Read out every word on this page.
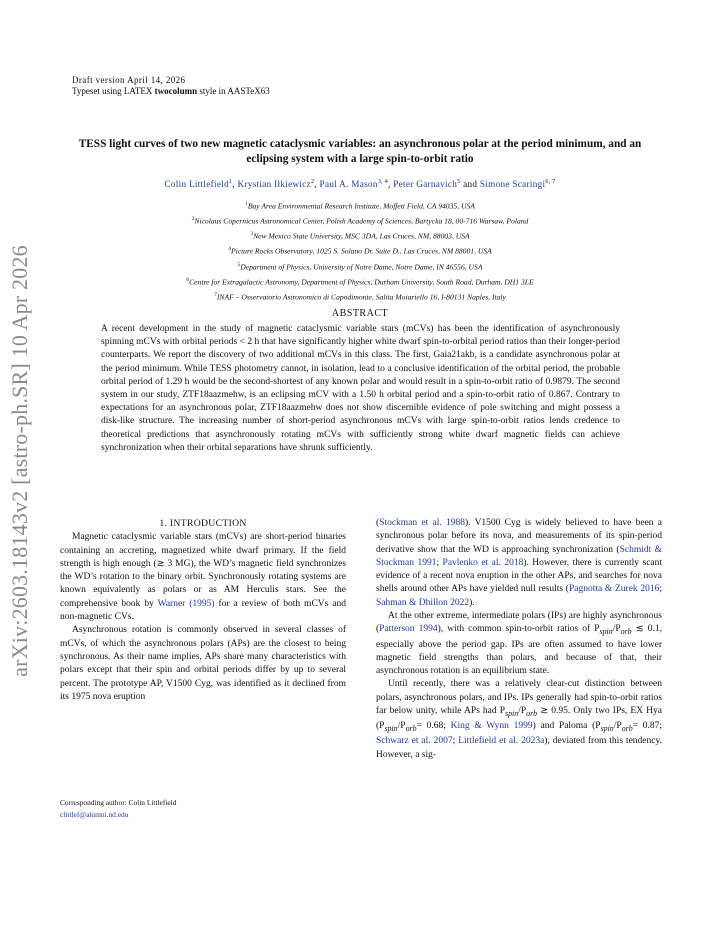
arXiv:2603.18143v2 [astro-ph.SR] 10 Apr 2026
Draft version April 14, 2026
Typeset using LATEX twocolumn style in AASTeX63
TESS light curves of two new magnetic cataclysmic variables: an asynchronous polar at the period minimum, and an eclipsing system with a large spin-to-orbit ratio
Colin Littlefield$^1$, Krystian Iłkiewicz$^2$, Paul A. Mason$^{3, 4}$, Peter Garnavich$^5$ and Simone Scaringi$^{6, 7}$
$^1$Bay Area Environmental Research Institute, Moffett Field, CA 94035, USA
$^2$Nicolaus Copernicus Astronomical Center, Polish Academy of Sciences, Bartycka 18, 00-716 Warsaw, Poland
$^3$New Mexico State University, MSC 3DA, Las Cruces, NM, 88003, USA
$^4$Picture Rocks Observatory, 1025 S. Solano Dr. Suite D., Las Cruces, NM 88001, USA
$^5$Department of Physics, University of Notre Dame, Notre Dame, IN 46556, USA
$^6$Centre for Extragalactic Astronomy, Department of Physics, Durham University, South Road, Durham, DH1 3LE
$^7$INAF – Osservatorio Astronomico di Capodimonte, Salita Moiariello 16, I-80131 Naples, Italy
ABSTRACT
A recent development in the study of magnetic cataclysmic variable stars (mCVs) has been the identification of asynchronously spinning mCVs with orbital periods < 2 h that have significantly higher white dwarf spin-to-orbital period ratios than their longer-period counterparts. We report the discovery of two additional mCVs in this class. The first, Gaia21akb, is a candidate asynchronous polar at the period minimum. While TESS photometry cannot, in isolation, lead to a conclusive identification of the orbital period, the probable orbital period of 1.29 h would be the second-shortest of any known polar and would result in a spin-to-orbit ratio of 0.9879. The second system in our study, ZTF18aazmehw, is an eclipsing mCV with a 1.50 h orbital period and a spin-to-orbit ratio of 0.867. Contrary to expectations for an asynchronous polar, ZTF18aazmehw does not show discernible evidence of pole switching and might possess a disk-like structure. The increasing number of short-period asynchronous mCVs with large spin-to-orbit ratios lends credence to theoretical predictions that asynchronously rotating mCVs with sufficiently strong white dwarf magnetic fields can achieve synchronization when their orbital separations have shrunk sufficiently.
1. INTRODUCTION

Magnetic cataclysmic variable stars (mCVs) are short-period binaries containing an accreting, magnetized white dwarf primary. If the field strength is high enough (≳ 3 MG), the WD’s magnetic field synchronizes the WD’s rotation to the binary orbit. Synchronously rotating systems are known equivalently as polars or as AM Herculis stars. See the comprehensive book by Warner (1995) for a review of both mCVs and non-magnetic CVs.

Asynchronous rotation is commonly observed in several classes of mCVs, of which the asynchronous polars (APs) are the closest to being synchronous. As their name implies, APs share many characteristics with polars except that their spin and orbital periods differ by up to several percent. The prototype AP, V1500 Cyg, was identified as it declined from its 1975 nova eruption

(Stockman et al. 1988). V1500 Cyg is widely believed to have been a synchronous polar before its nova, and measurements of its spin-period derivative show that the WD is approaching synchronization (Schmidt & Stockman 1991; Pavlenko et al. 2018). However, there is currently scant evidence of a recent nova eruption in the other APs, and searches for nova shells around other APs have yielded null results (Pagnotta & Zurek 2016; Sahman & Dhillon 2022).

At the other extreme, intermediate polars (IPs) are highly asynchronous (Patterson 1994), with common spin-to-orbit ratios of $P_{spin}/P_{orb}$ ≲ 0.1, especially above the period gap. IPs are often assumed to have lower magnetic field strengths than polars, and because of that, their asynchronous rotation is an equilibrium state.

Until recently, there was a relatively clear-cut distinction between polars, asynchronous polars, and IPs. IPs generally had spin-to-orbit ratios far below unity, while APs had $P_{spin}/P_{orb}$ ≳ 0.95. Only two IPs, EX Hya ($P_{spin}/P_{orb}= 0.68$; King & Wynn 1999) and Paloma ($P_{spin}/P_{orb}= 0.87$; Schwarz et al. 2007; Littlefield et al. 2023a), deviated from this tendency. However, a sig-

Corresponding author: Colin Littlefield
clittlef@alumni.nd.edu
